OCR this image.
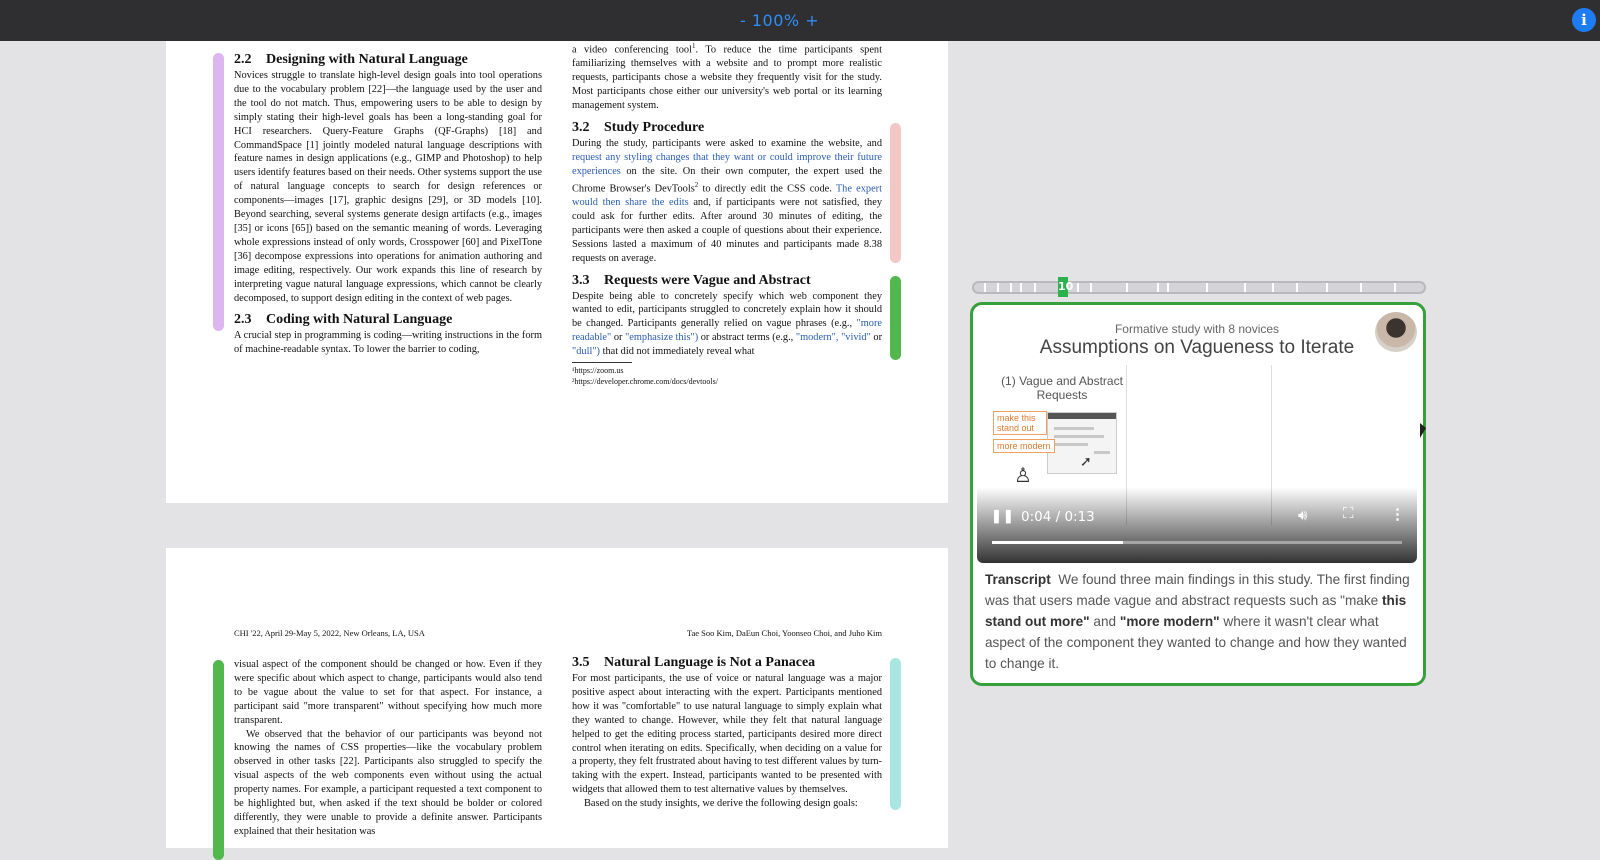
- 100% +	i
2.2 Designing with Natural Language

Novices struggle to translate high-level design goals into tool operations due to the vocabulary problem [22]—the language used by the user and the tool do not match. Thus, empowering users to be able to design by simply stating their high-level goals has been a long-standing goal for HCI researchers. Query-Feature Graphs (QF-Graphs) [18] and CommandSpace [1] jointly modeled natural language descriptions with feature names in design applications (e.g., GIMP and Photoshop) to help users identify features based on their needs. Other systems support the use of natural language concepts to search for design references or components—images [17], graphic designs [29], or 3D models [10]. Beyond searching, several systems generate design artifacts (e.g., images [35] or icons [65]) based on the semantic meaning of words. Leveraging whole expressions instead of only words, Crosspower [60] and PixelTone [36] decompose expressions into operations for animation authoring and image editing, respectively. Our work expands this line of research by interpreting vague natural language expressions, which cannot be clearly decomposed, to support design editing in the context of web pages.

2.3 Coding with Natural Language

A crucial step in programming is coding—writing instructions in the form of machine-readable syntax. To lower the barrier to coding,

a video conferencing tool$^1$. To reduce the time participants spent familiarizing themselves with a website and to prompt more realistic requests, participants chose a website they frequently visit for the study. Most participants chose either our university's web portal or its learning management system.

3.2 Study Procedure

During the study, participants were asked to examine the website, and request any styling changes that they want or could improve their future experiences on the site. On their own computer, the expert used the Chrome Browser's DevTools$^2$ to directly edit the CSS code. The expert would then share the edits and, if participants were not satisfied, they could ask for further edits. After around 30 minutes of editing, the participants were then asked a couple of questions about their experience. Sessions lasted a maximum of 40 minutes and participants made 8.38 requests on average.

3.3 Requests were Vague and Abstract

Despite being able to concretely specify which web component they wanted to edit, participants struggled to concretely explain how it should be changed. Participants generally relied on vague phrases (e.g., "more readable" or "emphasize this") or abstract terms (e.g., "modern", "vivid" or "dull") that did not immediately reveal what

¹https://zoom.us
²https://developer.chrome.com/docs/devtools/
CHI '22, April 29-May 5, 2022, New Orleans, LA, USA	Tae Soo Kim, DaEun Choi, Yoonseo Choi, and Juho Kim

visual aspect of the component should be changed or how. Even if they were specific about which aspect to change, participants would also tend to be vague about the value to set for that aspect. For instance, a participant said "more transparent" without specifying how much more transparent.

We observed that the behavior of our participants was beyond not knowing the names of CSS properties—like the vocabulary problem observed in other tasks [22]. Participants also struggled to specify the visual aspects of the web components even without using the actual property names. For example, a participant requested a text component to be highlighted but, when asked if the text should be bolder or colored differently, they were unable to provide a definite answer. Participants explained that their hesitation was

3.5 Natural Language is Not a Panacea

For most participants, the use of voice or natural language was a major positive aspect about interacting with the expert. Participants mentioned how it was "comfortable" to use natural language to simply explain what they wanted to change. However, while they felt that natural language helped to get the editing process started, participants desired more direct control when iterating on edits. Specifically, when deciding on a value for a property, they felt frustrated about having to test different values by turn-taking with the expert. Instead, participants wanted to be presented with widgets that allowed them to test alternative values by themselves.

Based on the study insights, we derive the following design goals:

10
Formative study with 8 novices
Assumptions on Vagueness to Iterate
(1) Vague and Abstract Requests
make this stand out
more modern
♙
➚
❚❚ 0:04 / 0:13	🔊︎ ⛶ ⋮
Transcript We found three main findings in this study. The first finding was that users made vague and abstract requests such as "make this stand out more" and "more modern" where it wasn't clear what aspect of the component they wanted to change and how they wanted to change it.
